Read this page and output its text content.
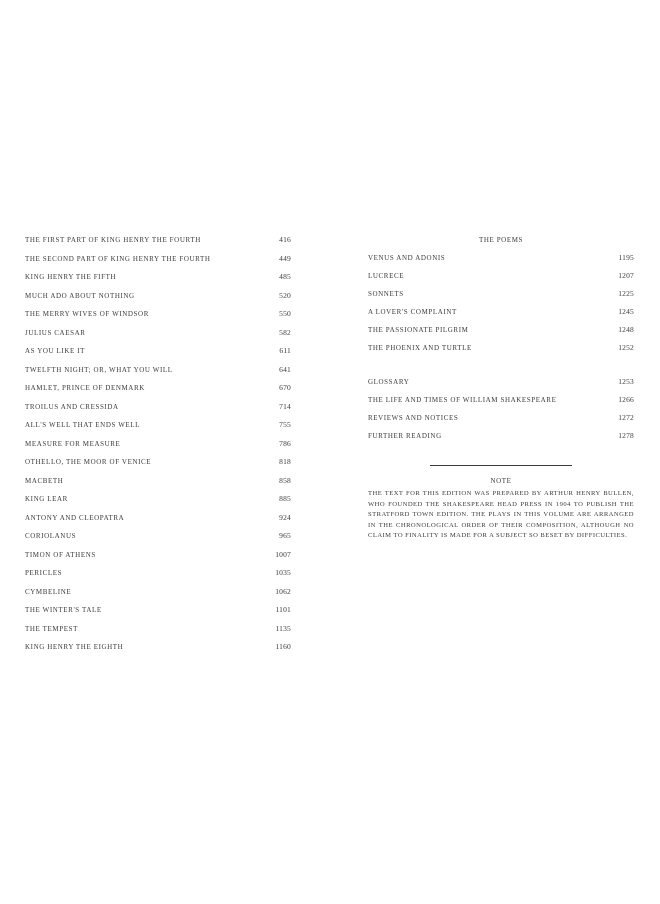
THE FIRST PART OF KING HENRY THE FOURTH	416
THE SECOND PART OF KING HENRY THE FOURTH	449
KING HENRY THE FIFTH	485
MUCH ADO ABOUT NOTHING	520
THE MERRY WIVES OF WINDSOR	550
JULIUS CAESAR	582
AS YOU LIKE IT	611
TWELFTH NIGHT; OR, WHAT YOU WILL	641
HAMLET, PRINCE OF DENMARK	670
TROILUS AND CRESSIDA	714
ALL'S WELL THAT ENDS WELL	755
MEASURE FOR MEASURE	786
OTHELLO, THE MOOR OF VENICE	818
MACBETH	858
KING LEAR	885
ANTONY AND CLEOPATRA	924
CORIOLANUS	965
TIMON OF ATHENS	1007
PERICLES	1035
CYMBELINE	1062
THE WINTER'S TALE	1101
THE TEMPEST	1135
KING HENRY THE EIGHTH	1160
THE POEMS
VENUS AND ADONIS	1195
LUCRECE	1207
SONNETS	1225
A LOVER'S COMPLAINT	1245
THE PASSIONATE PILGRIM	1248
THE PHOENIX AND TURTLE	1252
GLOSSARY	1253
THE LIFE AND TIMES OF WILLIAM SHAKESPEARE	1266
REVIEWS AND NOTICES	1272
FURTHER READING	1278
NOTE
THE TEXT FOR THIS EDITION WAS PREPARED BY ARTHUR HENRY BULLEN, WHO FOUNDED THE SHAKESPEARE HEAD PRESS IN 1904 TO PUBLISH THE STRATFORD TOWN EDITION. THE PLAYS IN THIS VOLUME ARE ARRANGED IN THE CHRONOLOGICAL ORDER OF THEIR COMPOSITION, ALTHOUGH NO CLAIM TO FINALITY IS MADE FOR A SUBJECT SO BESET BY DIFFICULTIES.
